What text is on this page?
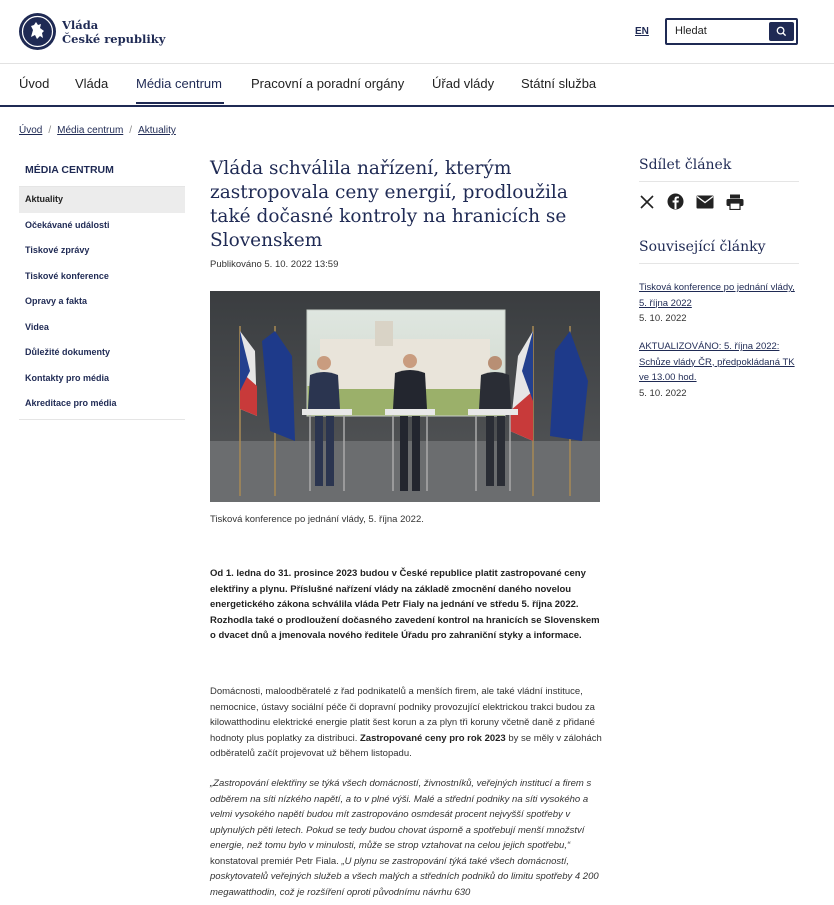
Vláda
České republiky	EN
Hledat
Úvod Vláda Média centrum Pracovní a poradní orgány Úřad vlády Státní služba
Úvod / Média centrum / Aktuality
MÉDIA CENTRUM
Aktuality
Očekávané události
Tiskové zprávy
Tiskové konference
Opravy a fakta
Videa
Důležité dokumenty
Kontakty pro média
Akreditace pro média
Vláda schválila nařízení, kterým zastropovala ceny energií, prodloužila také dočasné kontroly na hranicích se Slovenskem
Publikováno 5. 10. 2022 13:59
Tisková konference po jednání vlády, 5. října 2022.
Od 1. ledna do 31. prosince 2023 budou v České republice platit zastropované ceny elektřiny a plynu. Příslušné nařízení vlády na základě zmocnění daného novelou energetického zákona schválila vláda Petr Fialy na jednání ve středu 5. října 2022. Rozhodla také o prodloužení dočasného zavedení kontrol na hranicích se Slovenskem o dvacet dnů a jmenovala nového ředitele Úřadu pro zahraniční styky a informace.
Domácnosti, maloodběratelé z řad podnikatelů a menších firem, ale také vládní instituce, nemocnice, ústavy sociální péče či dopravní podniky provozující elektrickou trakci budou za kilowatthodinu elektrické energie platit šest korun a za plyn tři koruny včetně daně z přidané hodnoty plus poplatky za distribuci. Zastropované ceny pro rok 2023 by se měly v zálohách odběratelů začít projevovat už během listopadu.
„Zastropování elektřiny se týká všech domácností, živnostníků, veřejných institucí a firem s odběrem na síti nízkého napětí, a to v plné výši. Malé a střední podniky na síti vysokého a velmi vysokého napětí budou mít zastropováno osmdesát procent nejvyšší spotřeby v uplynulých pěti letech. Pokud se tedy budou chovat úsporně a spotřebují menší množství energie, než tomu bylo v minulosti, může se strop vztahovat na celou jejich spotřebu,“ konstatoval premiér Petr Fiala. „U plynu se zastropování týká také všech domácností, poskytovatelů veřejných služeb a všech malých a středních podniků do limitu spotřeby 4 200 megawatthodin, což je rozšíření oproti původnímu návrhu 630
Sdílet článek
Související články
Tisková konference po jednání vlády, 5. října 2022
5. 10. 2022
AKTUALIZOVÁNO: 5. října 2022: Schůze vlády ČR, předpokládaná TK ve 13.00 hod.
5. 10. 2022
